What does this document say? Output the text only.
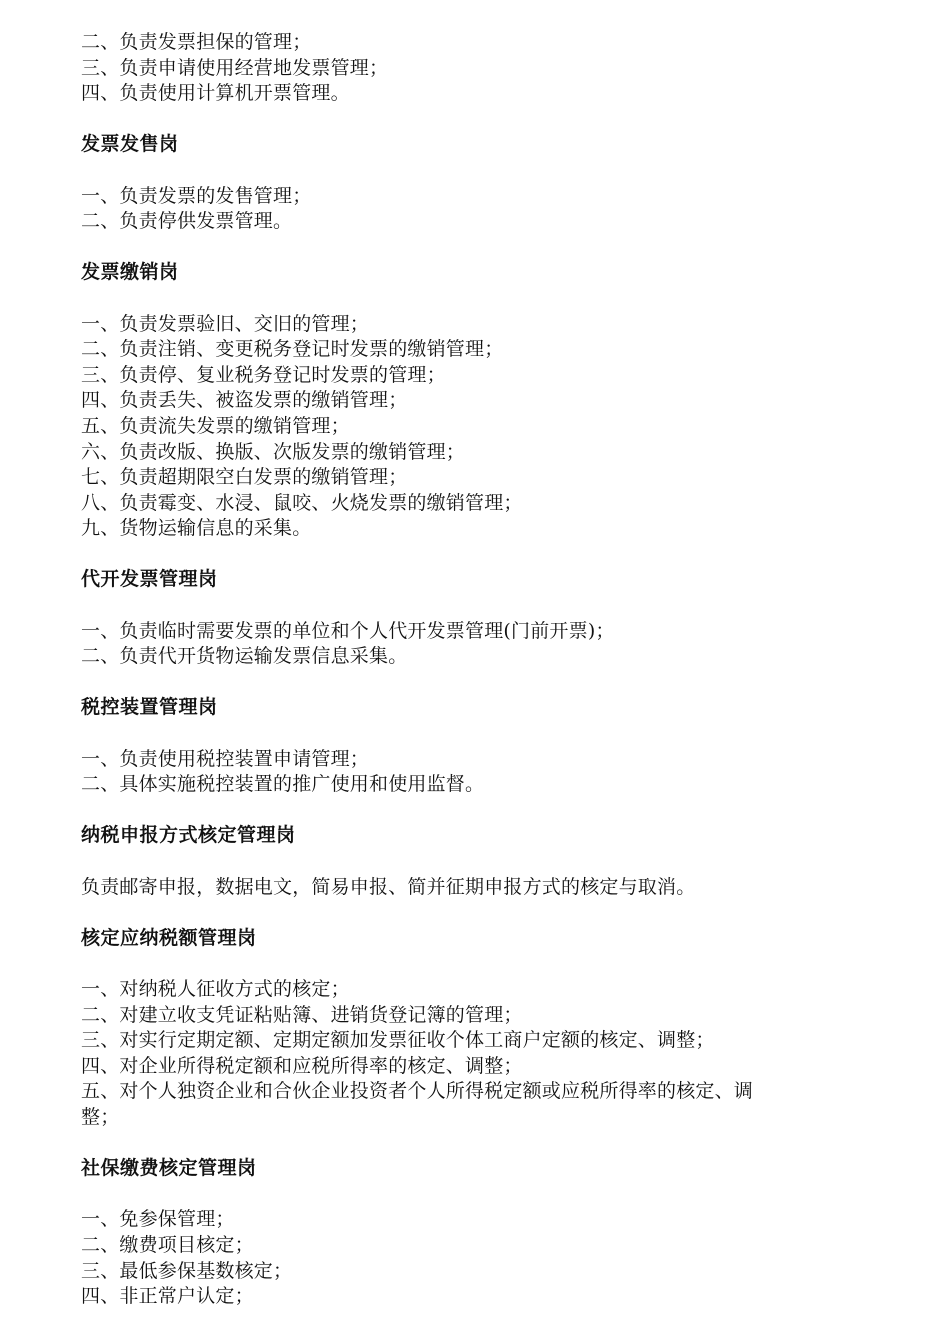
二、负责发票担保的管理；
三、负责申请使用经营地发票管理；
四、负责使用计算机开票管理。
发票发售岗
一、负责发票的发售管理；
二、负责停供发票管理。
发票缴销岗
一、负责发票验旧、交旧的管理；
二、负责注销、变更税务登记时发票的缴销管理；
三、负责停、复业税务登记时发票的管理；
四、负责丢失、被盗发票的缴销管理；
五、负责流失发票的缴销管理；
六、负责改版、换版、次版发票的缴销管理；
七、负责超期限空白发票的缴销管理；
八、负责霉变、水浸、鼠咬、火烧发票的缴销管理；
九、货物运输信息的采集。
代开发票管理岗
一、负责临时需要发票的单位和个人代开发票管理(门前开票)；
二、负责代开货物运输发票信息采集。
税控装置管理岗
一、负责使用税控装置申请管理；
二、具体实施税控装置的推广使用和使用监督。
纳税申报方式核定管理岗
负责邮寄申报，数据电文，简易申报、简并征期申报方式的核定与取消。
核定应纳税额管理岗
一、对纳税人征收方式的核定；
二、对建立收支凭证粘贴簿、进销货登记簿的管理；
三、对实行定期定额、定期定额加发票征收个体工商户定额的核定、调整；
四、对企业所得税定额和应税所得率的核定、调整；
五、对个人独资企业和合伙企业投资者个人所得税定额或应税所得率的核定、调
整；
社保缴费核定管理岗
一、免参保管理；
二、缴费项目核定；
三、最低参保基数核定；
四、非正常户认定；
